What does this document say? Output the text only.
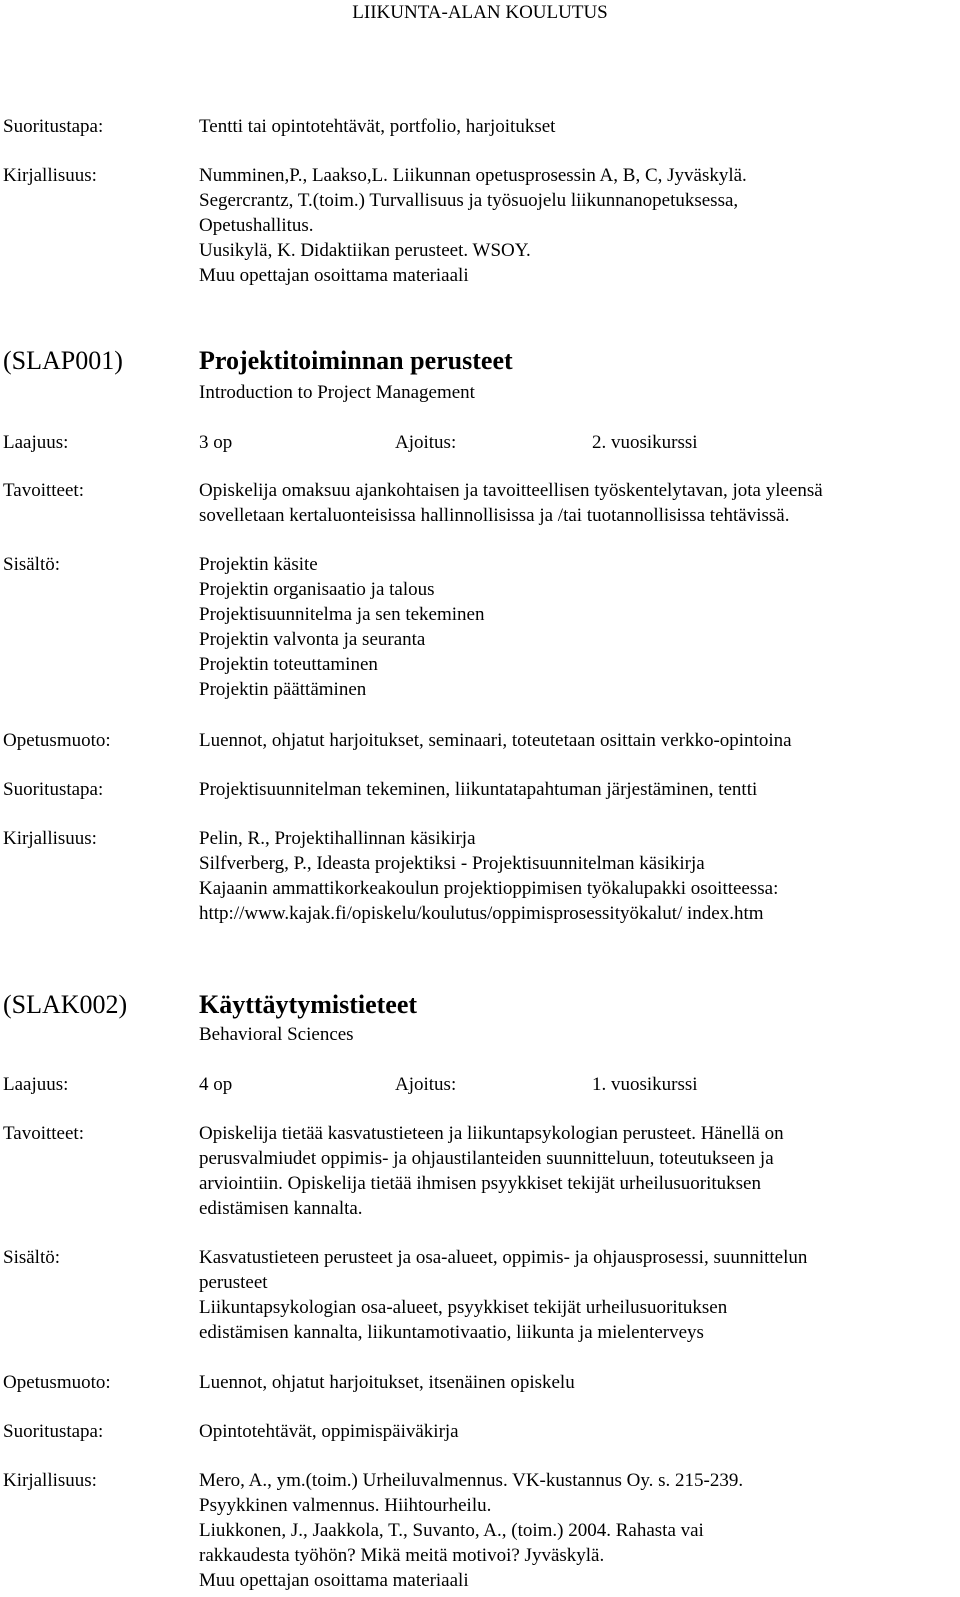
LIIKUNTA-ALAN KOULUTUS
Suoritustapa:	Tentti tai opintotehtävät, portfolio, harjoitukset
Kirjallisuus:	Numminen,P., Laakso,L. Liikunnan opetusprosessin A, B, C, Jyväskylä.
Segercrantz, T.(toim.) Turvallisuus ja työsuojelu liikunnanopetuksessa,
Opetushallitus.
Uusikylä, K. Didaktiikan perusteet. WSOY.
Muu opettajan osoittama materiaali
(SLAP001)	Projektitoiminnan perusteet
Introduction to Project Management
Laajuus:	3 op	Ajoitus:	2. vuosikurssi
Tavoitteet:	Opiskelija omaksuu ajankohtaisen ja tavoitteellisen työskentelytavan, jota yleensä
sovelletaan kertaluonteisissa hallinnollisissa ja /tai tuotannollisissa tehtävissä.
Sisältö:	Projektin käsite
Projektin organisaatio ja talous
Projektisuunnitelma ja sen tekeminen
Projektin valvonta ja seuranta
Projektin toteuttaminen
Projektin päättäminen
Opetusmuoto:	Luennot, ohjatut harjoitukset, seminaari, toteutetaan osittain verkko-opintoina
Suoritustapa:	Projektisuunnitelman tekeminen, liikuntatapahtuman järjestäminen, tentti
Kirjallisuus:	Pelin, R., Projektihallinnan käsikirja
Silfverberg, P., Ideasta projektiksi - Projektisuunnitelman käsikirja
Kajaanin ammattikorkeakoulun projektioppimisen työkalupakki osoitteessa:
http://www.kajak.fi/opiskelu/koulutus/oppimisprosessityökalut/ index.htm
(SLAK002)	Käyttäytymistieteet
Behavioral Sciences
Laajuus:	4 op	Ajoitus:	1. vuosikurssi
Tavoitteet:	Opiskelija tietää kasvatustieteen ja liikuntapsykologian perusteet. Hänellä on
perusvalmiudet oppimis- ja ohjaustilanteiden suunnitteluun, toteutukseen ja
arviointiin. Opiskelija tietää ihmisen psyykkiset tekijät urheilusuorituksen
edistämisen kannalta.
Sisältö:	Kasvatustieteen perusteet ja osa-alueet, oppimis- ja ohjausprosessi, suunnittelun
perusteet
Liikuntapsykologian osa-alueet, psyykkiset tekijät urheilusuorituksen
edistämisen kannalta, liikuntamotivaatio, liikunta ja mielenterveys
Opetusmuoto:	Luennot, ohjatut harjoitukset, itsenäinen opiskelu
Suoritustapa:	Opintotehtävät, oppimispäiväkirja
Kirjallisuus:	Mero, A., ym.(toim.) Urheiluvalmennus. VK-kustannus Oy. s. 215-239.
Psyykkinen valmennus. Hiihtourheilu.
Liukkonen, J., Jaakkola, T., Suvanto, A., (toim.) 2004. Rahasta vai
rakkaudesta työhön? Mikä meitä motivoi? Jyväskylä.
Muu opettajan osoittama materiaali
